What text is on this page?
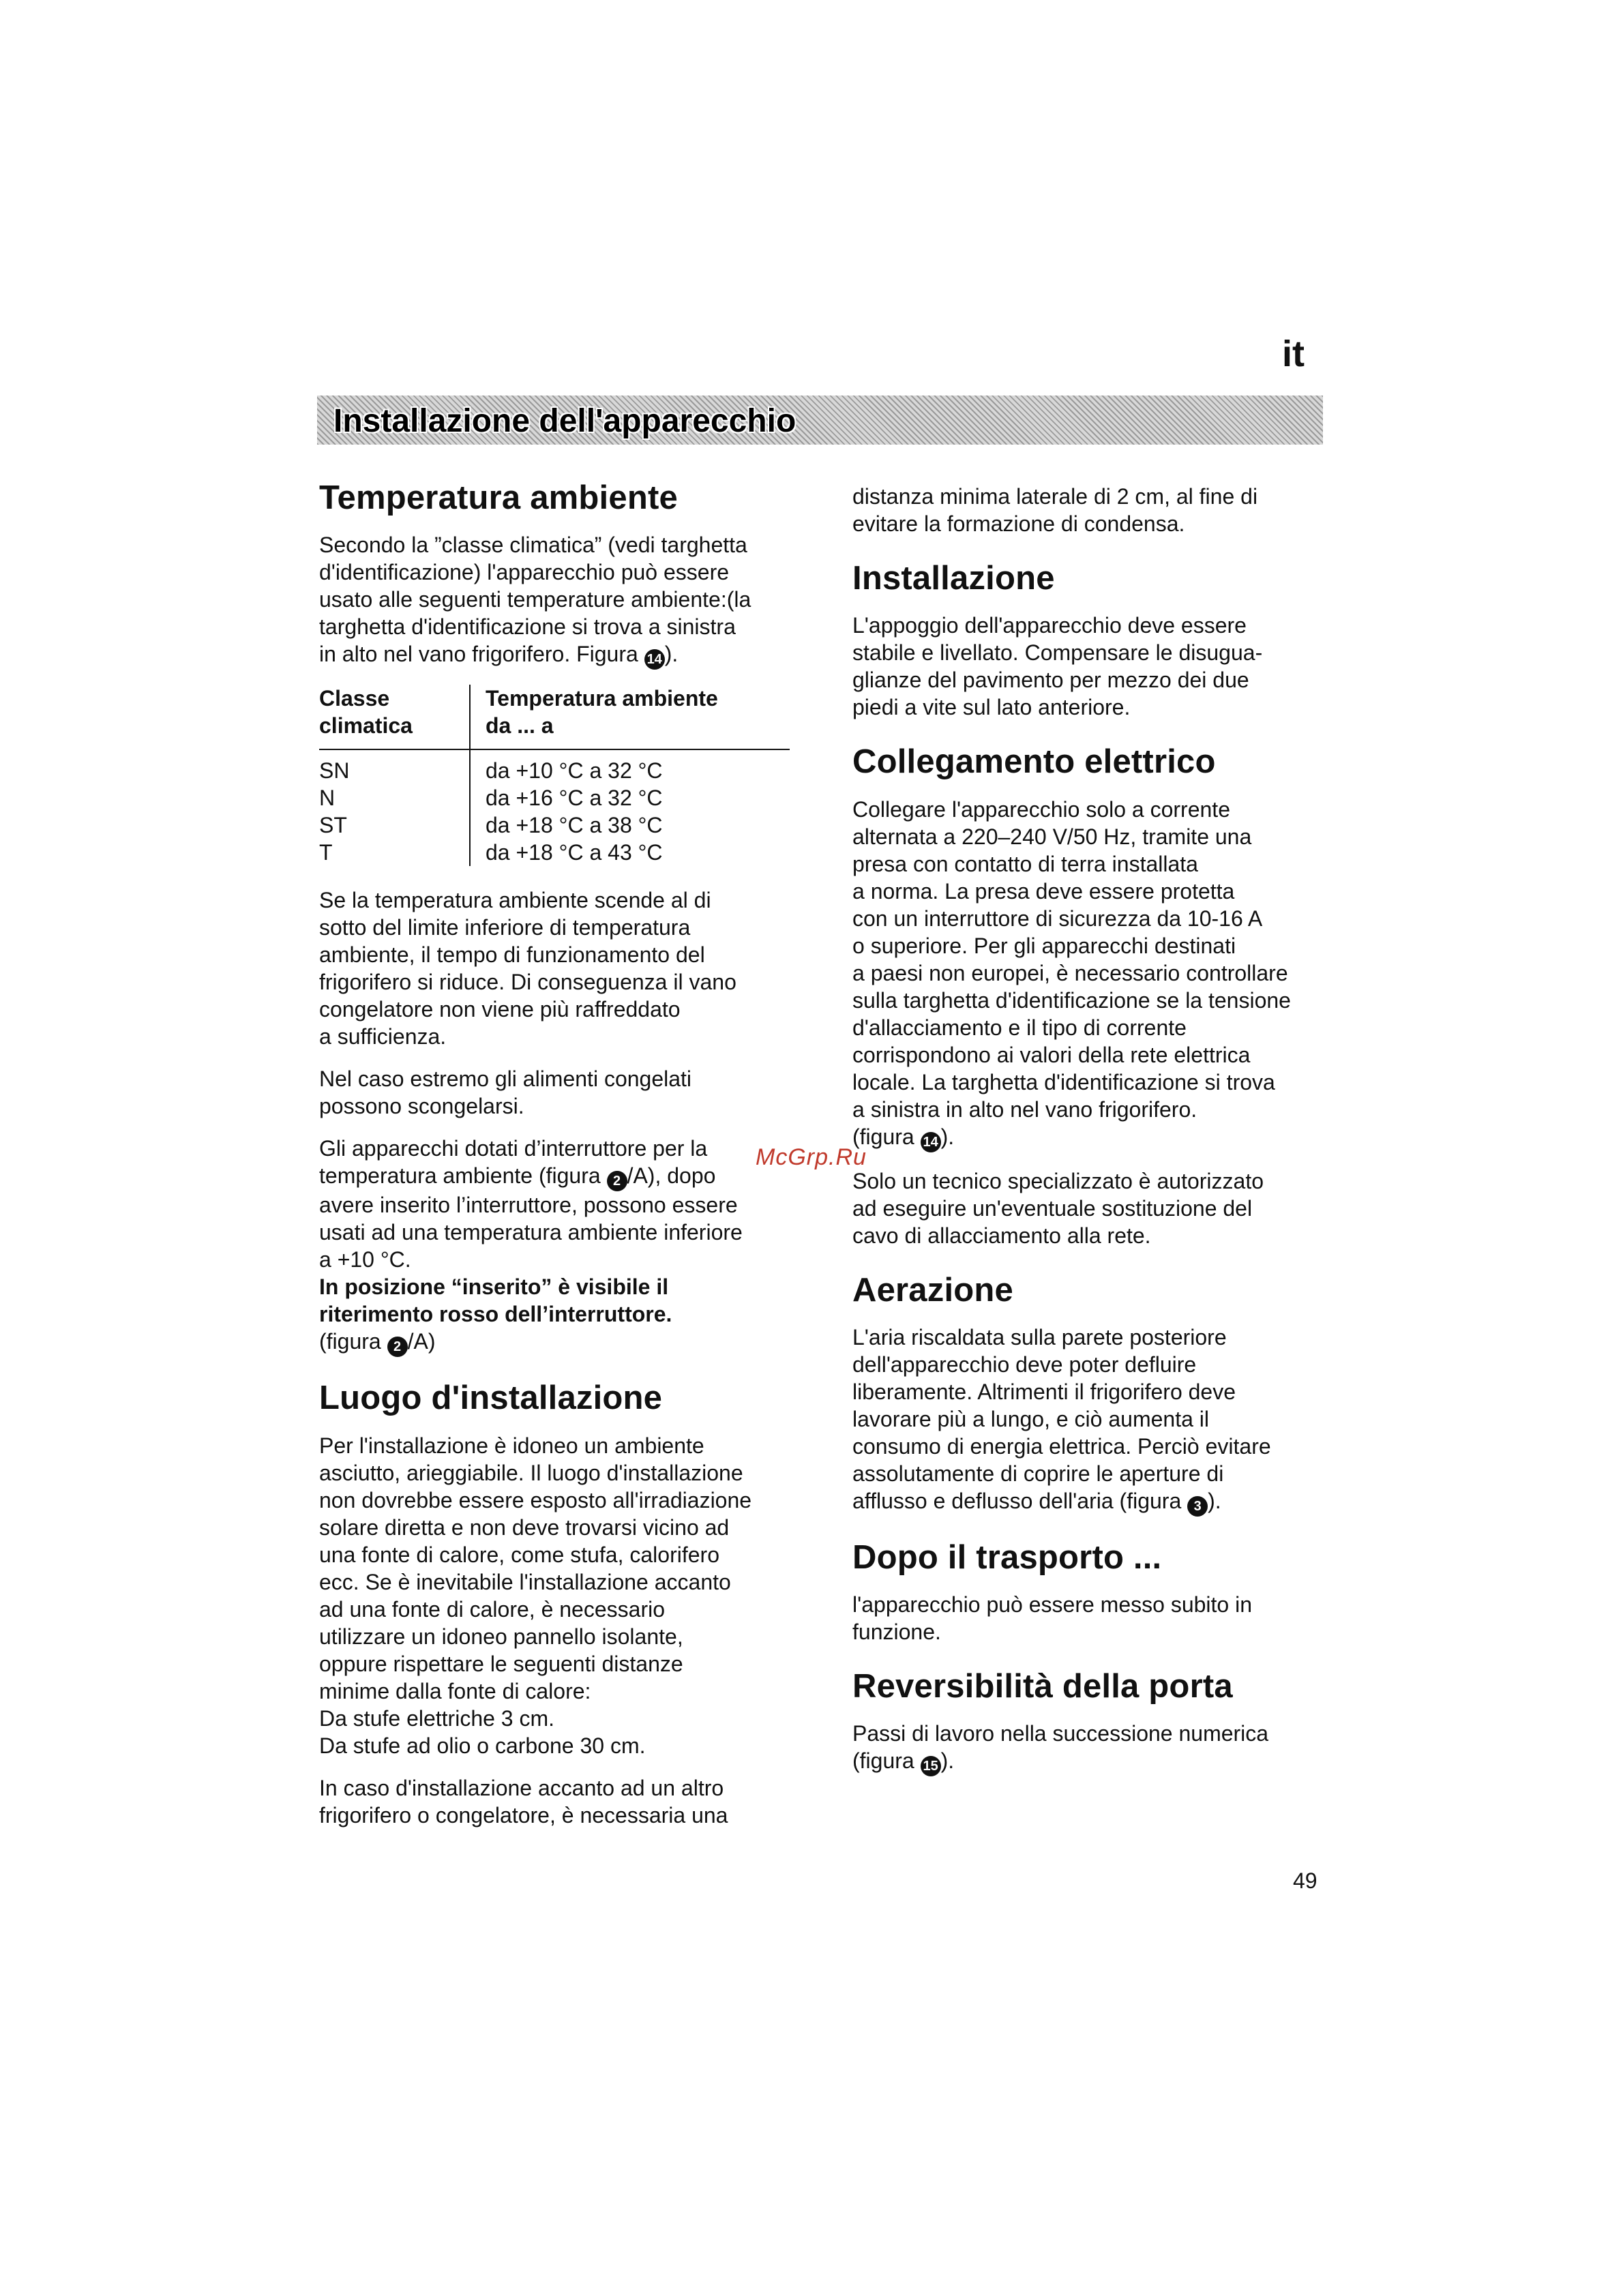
it
Installazione dell'apparecchio
Temperatura ambiente

Secondo la ”classe climatica” (vedi targhetta
d'identificazione) l'apparecchio può essere
usato alle seguenti temperature ambiente:(la
targhetta d'identificazione si trova a sinistra
in alto nel vano frigorifero. Figura 14 ).

Classe
climatica	Temperatura ambiente
da ... a
SN	da +10 °C a 32 °C
N	da +16 °C a 32 °C
ST	da +18 °C a 38 °C
T	da +18 °C a 43 °C

Se la temperatura ambiente scende al di
sotto del limite inferiore di temperatura
ambiente, il tempo di funzionamento del
frigorifero si riduce. Di conseguenza il vano
congelatore non viene più raffreddato
a sufficienza.

Nel caso estremo gli alimenti congelati
possono scongelarsi.

Gli apparecchi dotati d’interruttore per la
temperatura ambiente (figura 2 /A), dopo
avere inserito l’interruttore, possono essere
usati ad una temperatura ambiente inferiore
a +10 °C.
In posizione “inserito” è visibile il
riterimento rosso dell’interruttore.
(figura 2 /A)

Luogo d'installazione

Per l'installazione è idoneo un ambiente
asciutto, arieggiabile. Il luogo d'installazione
non dovrebbe essere esposto all'irradiazione
solare diretta e non deve trovarsi vicino ad
una fonte di calore, come stufa, calorifero
ecc. Se è inevitabile l'installazione accanto
ad una fonte di calore, è necessario
utilizzare un idoneo pannello isolante,
oppure rispettare le seguenti distanze
minime dalla fonte di calore:
Da stufe elettriche 3 cm.
Da stufe ad olio o carbone 30 cm.

In caso d'installazione accanto ad un altro
frigorifero o congelatore, è necessaria una

distanza minima laterale di 2 cm, al fine di
evitare la formazione di condensa.

Installazione

L'appoggio dell'apparecchio deve essere
stabile e livellato. Compensare le disugua-
glianze del pavimento per mezzo dei due
piedi a vite sul lato anteriore.

Collegamento elettrico

Collegare l'apparecchio solo a corrente
alternata a 220–240 V/50 Hz, tramite una
presa con contatto di terra installata
a norma. La presa deve essere protetta
con un interruttore di sicurezza da 10-16 A
o superiore. Per gli apparecchi destinati
a paesi non europei, è necessario controllare
sulla targhetta d'identificazione se la tensione
d'allacciamento e il tipo di corrente
corrispondono ai valori della rete elettrica
locale. La targhetta d'identificazione si trova
a sinistra in alto nel vano frigorifero.
(figura 14 ).

Solo un tecnico specializzato è autorizzato
ad eseguire un'eventuale sostituzione del
cavo di allacciamento alla rete.

Aerazione

L'aria riscaldata sulla parete posteriore
dell'apparecchio deve poter defluire
liberamente. Altrimenti il frigorifero deve
lavorare più a lungo, e ciò aumenta il
consumo di energia elettrica. Perciò evitare
assolutamente di coprire le aperture di
afflusso e deflusso dell'aria (figura 3 ).

Dopo il trasporto ...

l'apparecchio può essere messo subito in
funzione.

Reversibilità della porta

Passi di lavoro nella successione numerica
(figura 15 ).

McGrp.Ru
49
